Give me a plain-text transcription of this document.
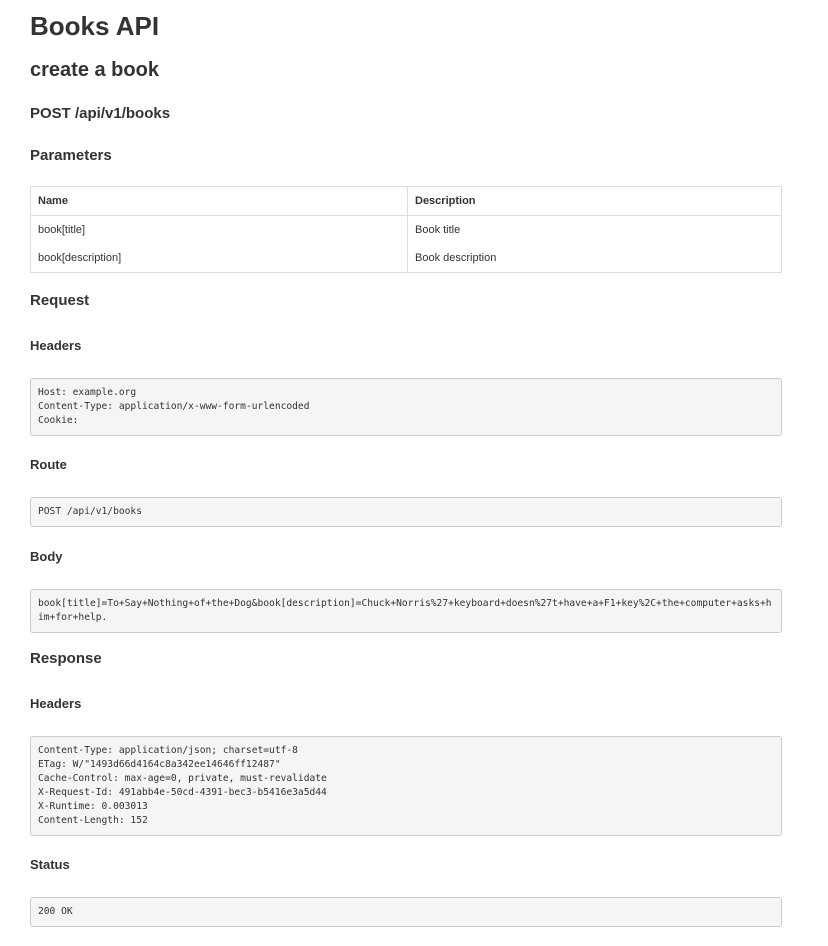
Books API
create a book
POST /api/v1/books
Parameters
Name	Description
book[title]	Book title
book[description]	Book description
Request
Headers
Host: example.org
Content-Type: application/x-www-form-urlencoded
Cookie:
Route
POST /api/v1/books
Body
book[title]=To+Say+Nothing+of+the+Dog&book[description]=Chuck+Norris%27+keyboard+doesn%27t+have+a+F1+key%2C+the+computer+asks+him+for+help.
Response
Headers
Content-Type: application/json; charset=utf-8
ETag: W/"1493d66d4164c8a342ee14646ff12487"
Cache-Control: max-age=0, private, must-revalidate
X-Request-Id: 491abb4e-50cd-4391-bec3-b5416e3a5d44
X-Runtime: 0.003013
Content-Length: 152
Status
200 OK
